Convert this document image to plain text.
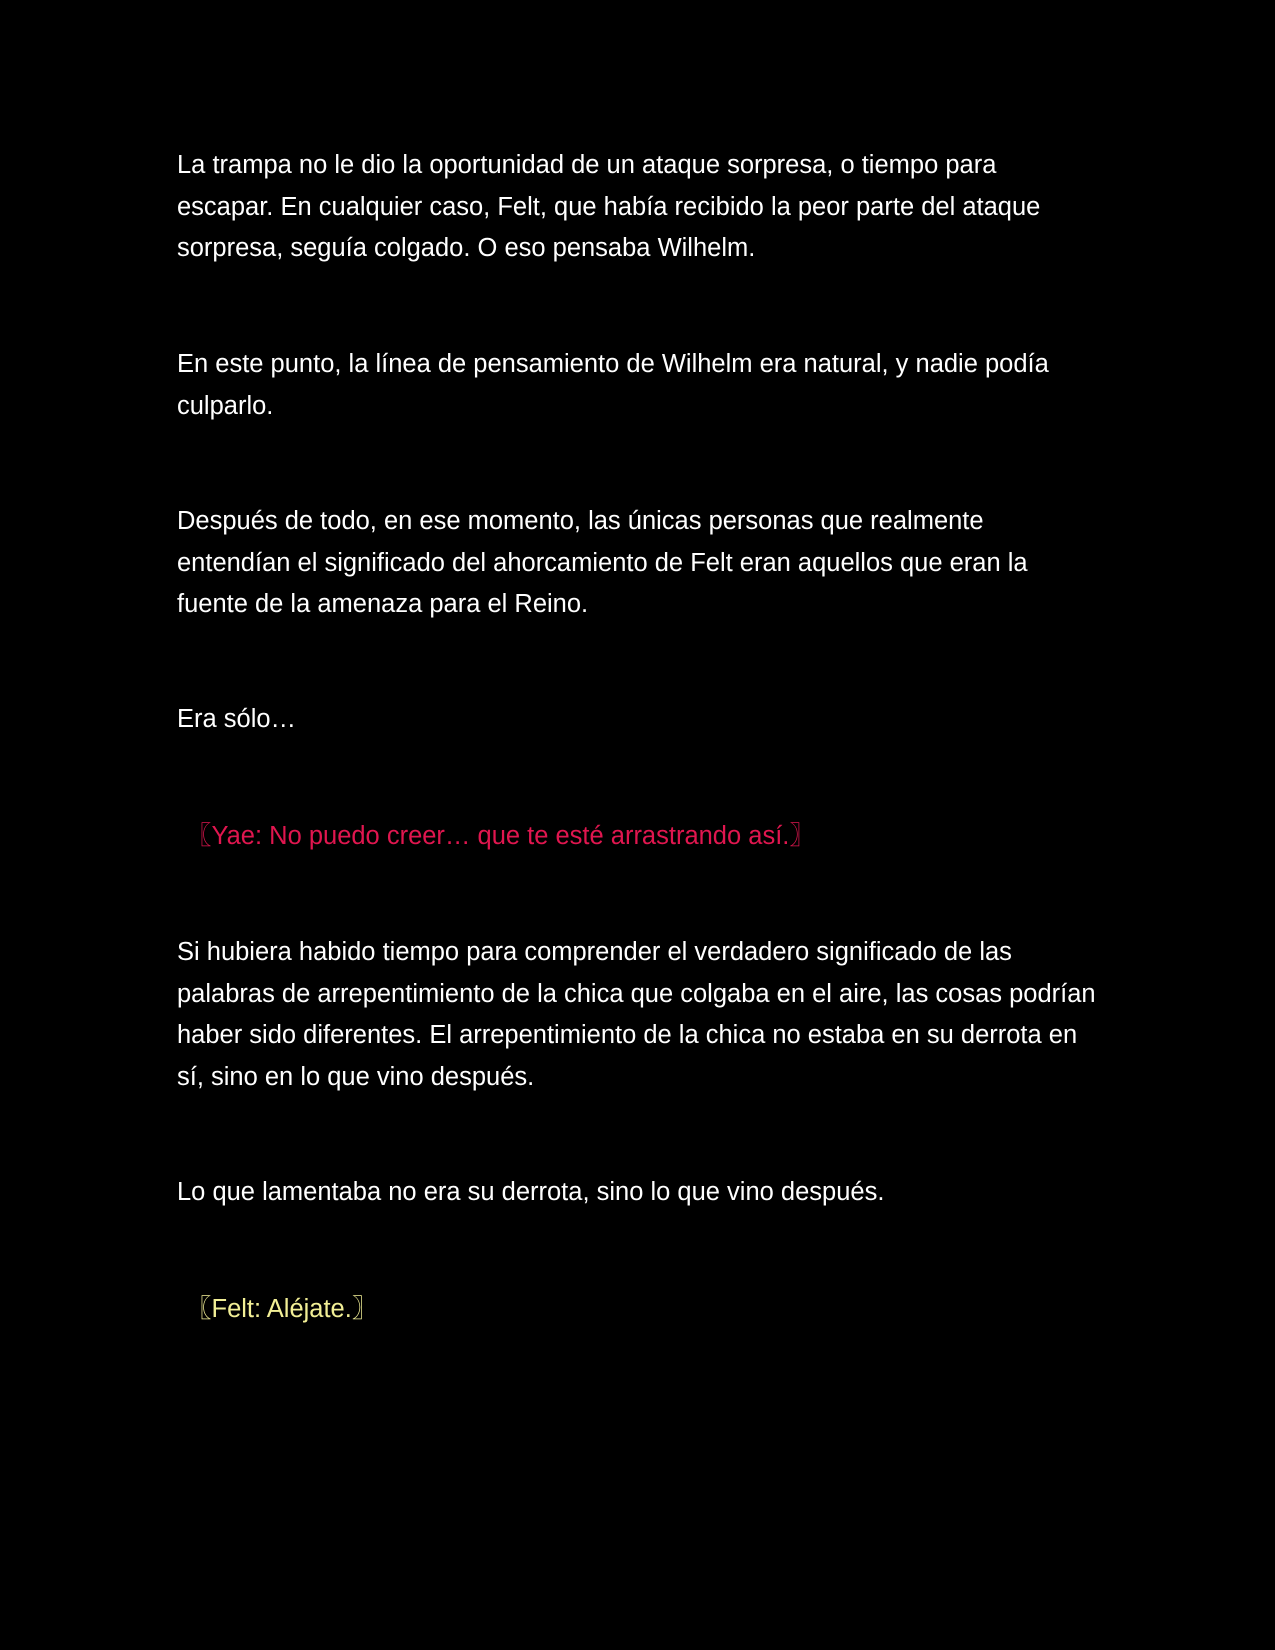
La trampa no le dio la oportunidad de un ataque sorpresa, o tiempo para escapar. En cualquier caso, Felt, que había recibido la peor parte del ataque sorpresa, seguía colgado. O eso pensaba Wilhelm.

En este punto, la línea de pensamiento de Wilhelm era natural, y nadie podía culparlo.

Después de todo, en ese momento, las únicas personas que realmente entendían el significado del ahorcamiento de Felt eran aquellos que eran la fuente de la amenaza para el Reino.

Era sólo…

〖Yae: No puedo creer… que te esté arrastrando así.〗

Si hubiera habido tiempo para comprender el verdadero significado de las palabras de arrepentimiento de la chica que colgaba en el aire, las cosas podrían haber sido diferentes. El arrepentimiento de la chica no estaba en su derrota en sí, sino en lo que vino después.

Lo que lamentaba no era su derrota, sino lo que vino después.

〖Felt: Aléjate.〗
